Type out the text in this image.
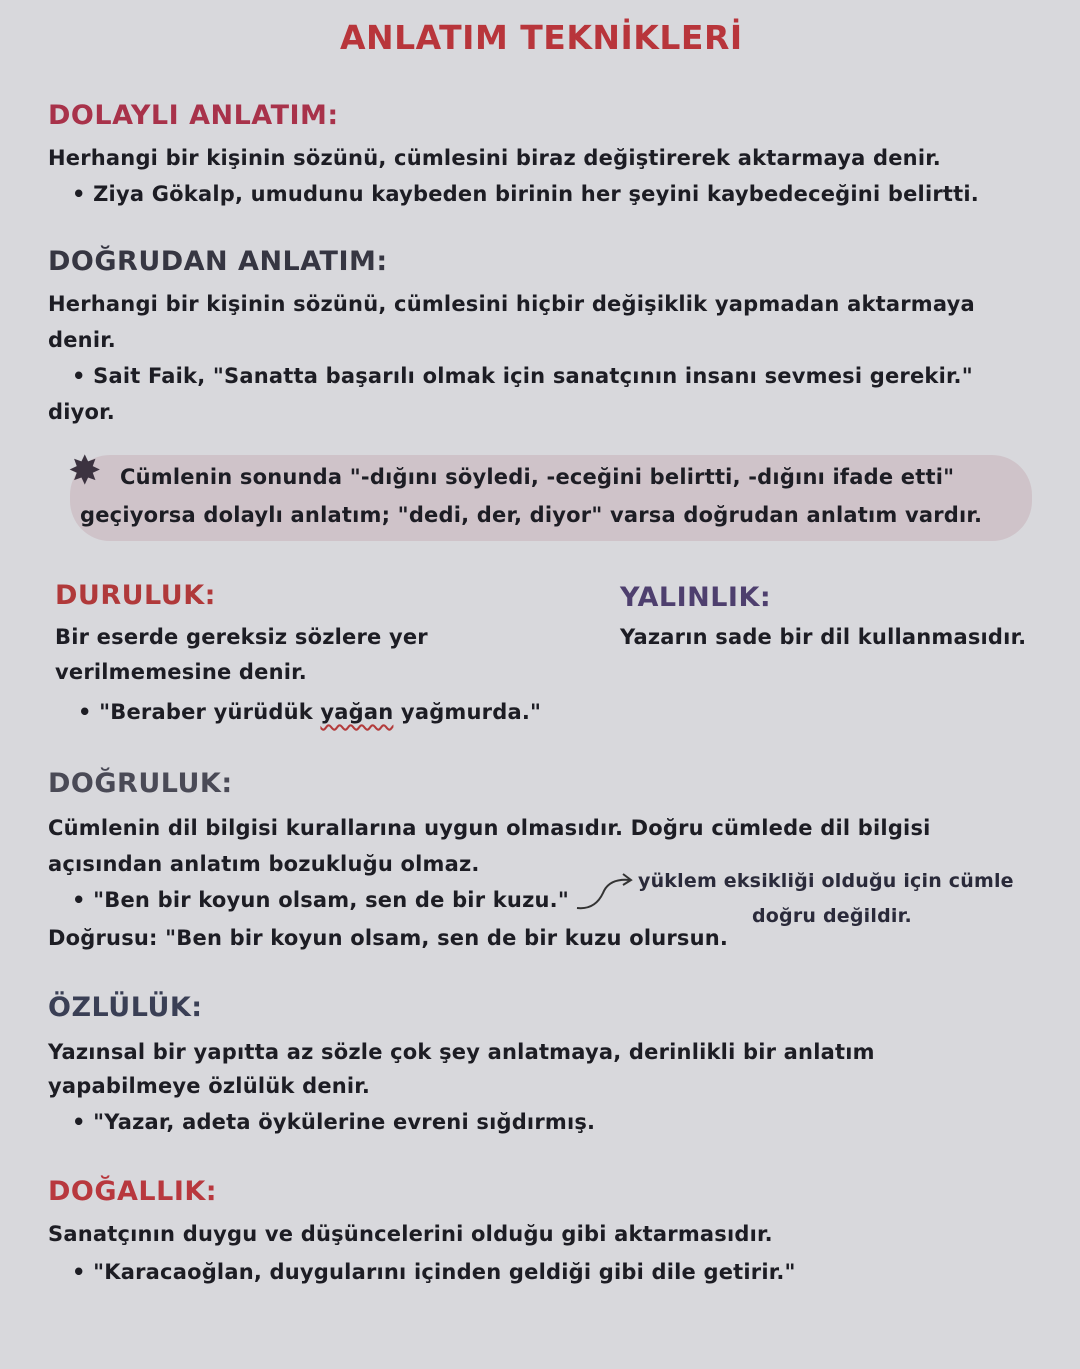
ANLATIM TEKNİKLERİ
DOLAYLI ANLATIM:
Herhangi bir kişinin sözünü, cümlesini biraz değiştirerek aktarmaya denir.
• Ziya Gökalp, umudunu kaybeden birinin her şeyini kaybedeceğini belirtti.
DOĞRUDAN ANLATIM:
Herhangi bir kişinin sözünü, cümlesini hiçbir değişiklik yapmadan aktarmaya
denir.
• Sait Faik, "Sanatta başarılı olmak için sanatçının insanı sevmesi gerekir."
diyor.
✸ Cümlenin sonunda "-dığını söyledi, -eceğini belirtti, -dığını ifade etti"
geçiyorsa dolaylı anlatım; "dedi, der, diyor" varsa doğrudan anlatım vardır.
DURULUK:
Bir eserde gereksiz sözlere yer
verilmemesine denir.
• "Beraber yürüdük yağan yağmurda."
YALINLIK:
Yazarın sade bir dil kullanmasıdır.
DOĞRULUK:
Cümlenin dil bilgisi kurallarına uygun olmasıdır. Doğru cümlede dil bilgisi
açısından anlatım bozukluğu olmaz.
• "Ben bir koyun olsam, sen de bir kuzu."
yüklem eksikliği olduğu için cümle
doğru değildir.
Doğrusu: "Ben bir koyun olsam, sen de bir kuzu olursun.
ÖZLÜLÜK:
Yazınsal bir yapıtta az sözle çok şey anlatmaya, derinlikli bir anlatım
yapabilmeye özlülük denir.
• "Yazar, adeta öykülerine evreni sığdırmış.
DOĞALLIK:
Sanatçının duygu ve düşüncelerini olduğu gibi aktarmasıdır.
• "Karacaoğlan, duygularını içinden geldiği gibi dile getirir."
